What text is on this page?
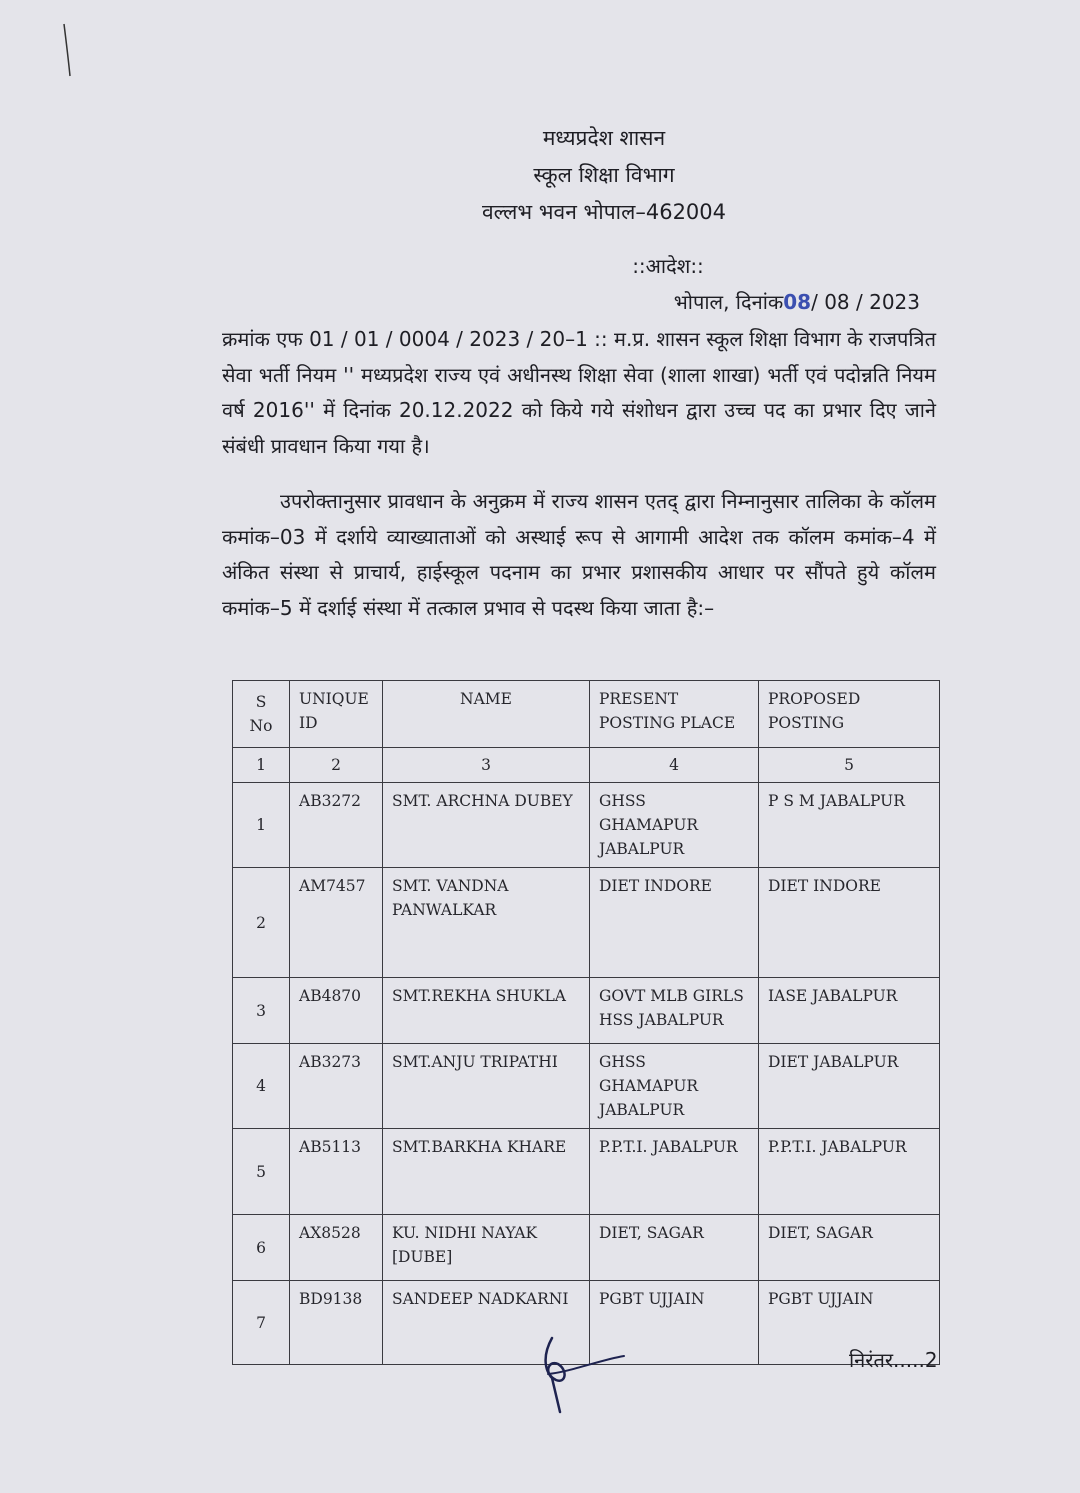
मध्यप्रदेश शासन
स्कूल शिक्षा विभाग
वल्लभ भवन भोपाल–462004
::आदेश::
भोपाल, दिनांक08/ 08 / 2023
क्रमांक एफ 01 / 01 / 0004 / 2023 / 20–1 :: म.प्र. शासन स्कूल शिक्षा विभाग के राजपत्रित सेवा भर्ती नियम '' मध्यप्रदेश राज्य एवं अधीनस्थ शिक्षा सेवा (शाला शाखा) भर्ती एवं पदोन्नति नियम वर्ष 2016'' में दिनांक 20.12.2022 को किये गये संशोधन द्वारा उच्च पद का प्रभार दिए जाने संबंधी प्रावधान किया गया है।
उपरोक्तानुसार प्रावधान के अनुक्रम में राज्य शासन एतद् द्वारा निम्नानुसार तालिका के कॉलम कमांक–03 में दर्शाये व्याख्याताओं को अस्थाई रूप से आगामी आदेश तक कॉलम कमांक–4 में अंकित संस्था से प्राचार्य, हाईस्कूल पदनाम का प्रभार प्रशासकीय आधार पर सौंपते हुये कॉलम कमांक–5 में दर्शाई संस्था में तत्काल प्रभाव से पदस्थ किया जाता है:–
S No	UNIQUE ID	NAME	PRESENT POSTING PLACE	PROPOSED POSTING
1	2	3	4	5
1	AB3272	SMT. ARCHNA DUBEY	GHSS GHAMAPUR JABALPUR	P S M JABALPUR
2	AM7457	SMT. VANDNA PANWALKAR	DIET INDORE	DIET INDORE
3	AB4870	SMT.REKHA SHUKLA	GOVT MLB GIRLS HSS JABALPUR	IASE JABALPUR
4	AB3273	SMT.ANJU TRIPATHI	GHSS GHAMAPUR JABALPUR	DIET JABALPUR
5	AB5113	SMT.BARKHA KHARE	P.P.T.I. JABALPUR	P.P.T.I. JABALPUR
6	AX8528	KU. NIDHI NAYAK [DUBE]	DIET, SAGAR	DIET, SAGAR
7	BD9138	SANDEEP NADKARNI	PGBT UJJAIN	PGBT UJJAIN
निरंतर.....2
